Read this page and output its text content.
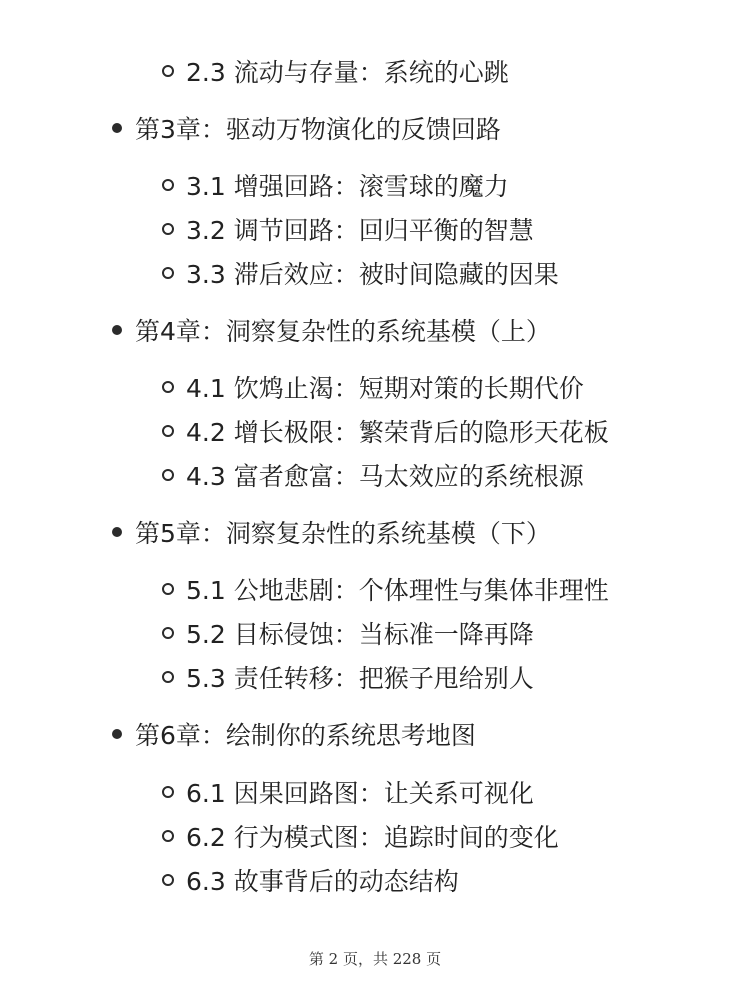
2.3 流动与存量：系统的心跳
第3章：驱动万物演化的反馈回路
3.1 增强回路：滚雪球的魔力
3.2 调节回路：回归平衡的智慧
3.3 滞后效应：被时间隐藏的因果
第4章：洞察复杂性的系统基模（上）
4.1 饮鸩止渴：短期对策的长期代价
4.2 增长极限：繁荣背后的隐形天花板
4.3 富者愈富：马太效应的系统根源
第5章：洞察复杂性的系统基模（下）
5.1 公地悲剧：个体理性与集体非理性
5.2 目标侵蚀：当标准一降再降
5.3 责任转移：把猴子甩给别人
第6章：绘制你的系统思考地图
6.1 因果回路图：让关系可视化
6.2 行为模式图：追踪时间的变化
6.3 故事背后的动态结构
第 2 页，共 228 页
